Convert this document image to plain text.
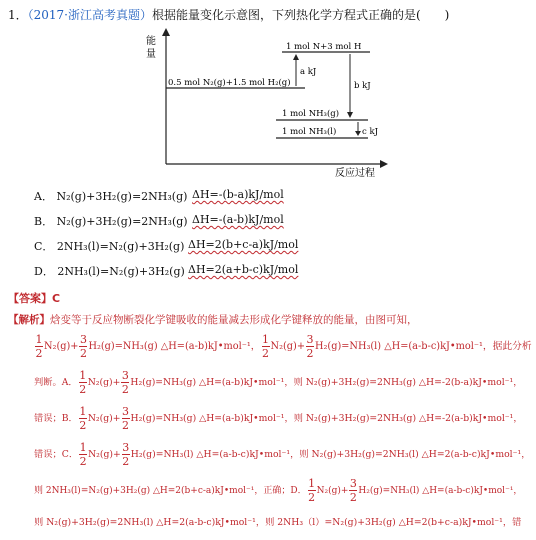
1．（2017·浙江高考真题）根据能量变化示意图，下列热化学方程式正确的是(　　)
能
量
反应过程
1 mol N+3 mol H
0.5 mol N₂(g)+1.5 mol H₂(g)
1 mol NH₃(g)
1 mol NH₃(l)
a kJ
b kJ
c kJ
A． N₂(g)+3H₂(g)=2NH₃(g) ΔH=-(b-a)kJ/mol
B． N₂(g)+3H₂(g)=2NH₃(g) ΔH=-(a-b)kJ/mol
C． 2NH₃(l)=N₂(g)+3H₂(g) ΔH=2(b+c-a)kJ/mol
D． 2NH₃(l)=N₂(g)+3H₂(g) ΔH=2(a+b-c)kJ/mol
【答案】C
【解析】焓变等于反应物断裂化学键吸收的能量减去形成化学键释放的能量，由图可知，
$\frac{1}{2} N_2(g)+ \frac{3}{2} H_2(g)=NH_3(g)$ △H=(a-b)kJ•mol⁻¹， $\frac{1}{2} N_2(g)+ \frac{3}{2} H_2(g)=NH_3(l)$ △H=(a-b-c)kJ•mol⁻¹，据此分析
判断。A． $\frac{1}{2} N_2(g)+ \frac{3}{2} H_2(g)=NH_3(g)$ △H=(a-b)kJ•mol⁻¹，则 N₂(g)+3H₂(g)=2NH₃(g) △H=-2(b-a)kJ•mol⁻¹，
错误；B． $\frac{1}{2} N_2(g)+ \frac{3}{2} H_2(g)=NH_3(g)$ △H=(a-b)kJ•mol⁻¹，则 N₂(g)+3H₂(g)=2NH₃(g) △H=-2(a-b)kJ•mol⁻¹，
错误；C． $\frac{1}{2} N_2(g)+ \frac{3}{2} H_2(g)=NH_3(l)$ △H=(a-b-c)kJ•mol⁻¹，则 N₂(g)+3H₂(g)=2NH₃(l) △H=2(a-b-c)kJ•mol⁻¹，
则 2NH₃(l)=N₂(g)+3H₂(g) △H=2(b+c-a)kJ•mol⁻¹，正确；D． $\frac{1}{2} N_2(g)+ \frac{3}{2} H_2(g)=NH_3(l)$ △H=(a-b-c)kJ•mol⁻¹，
则 N₂(g)+3H₂(g)=2NH₃(l) △H=2(a-b-c)kJ•mol⁻¹，则 2NH₃（l）=N₂(g)+3H₂(g) △H=2(b+c-a)kJ•mol⁻¹，错
